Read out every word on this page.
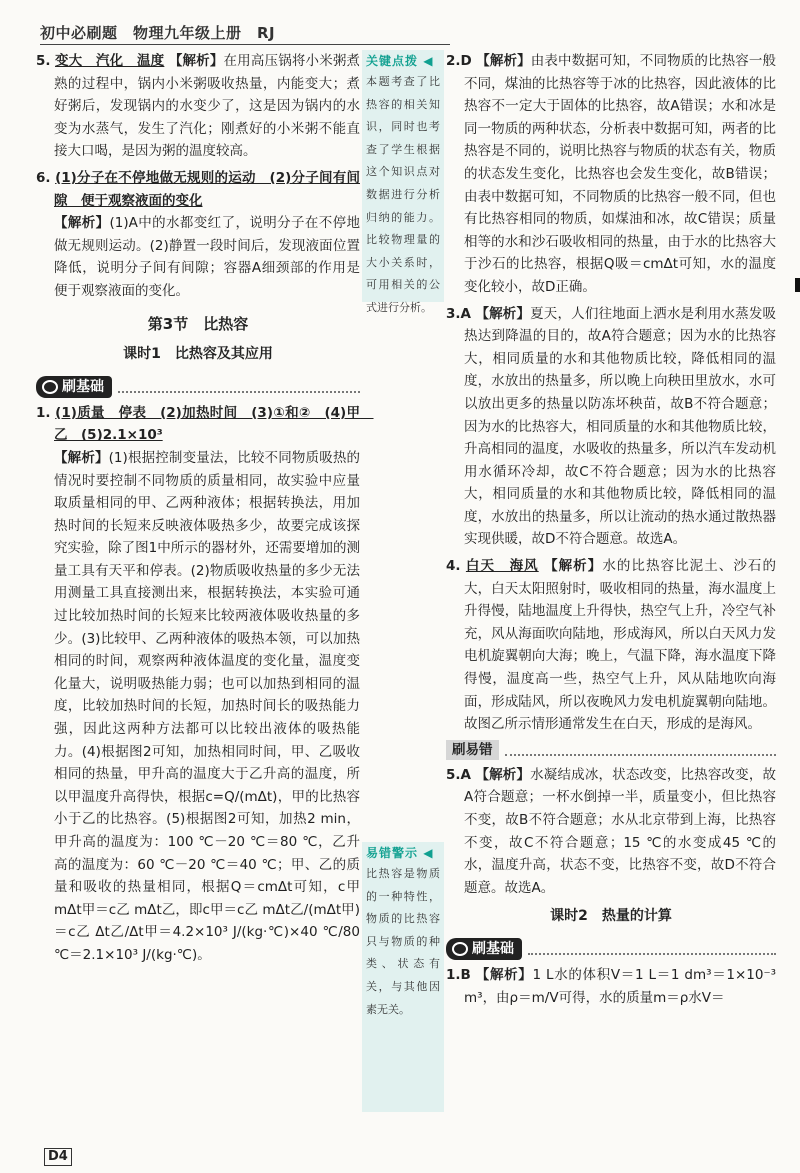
初中必刷题　物理九年级上册　RJ
5. 变大　汽化　温度 【解析】在用高压锅将小米粥煮熟的过程中，锅内小米粥吸收热量，内能变大；煮好粥后，发现锅内的水变少了，这是因为锅内的水变为水蒸气，发生了汽化；刚煮好的小米粥不能直接大口喝，是因为粥的温度较高。
6. (1)分子在不停地做无规则的运动　(2)分子间有间隙　便于观察液面的变化
【解析】(1)A中的水都变红了，说明分子在不停地做无规则运动。(2)静置一段时间后，发现液面位置降低，说明分子间有间隙；容器A细颈部的作用是便于观察液面的变化。
第3节　比热容
课时1　比热容及其应用
刷基础
1. (1)质量　停表　(2)加热时间　(3)①和②　(4)甲　乙　(5)2.1×10³
【解析】(1)根据控制变量法，比较不同物质吸热的情况时要控制不同物质的质量相同，故实验中应量取质量相同的甲、乙两种液体；根据转换法，用加热时间的长短来反映液体吸热多少，故要完成该探究实验，除了图1中所示的器材外，还需要增加的测量工具有天平和停表。(2)物质吸收热量的多少无法用测量工具直接测出来，根据转换法，本实验可通过比较加热时间的长短来比较两液体吸收热量的多少。(3)比较甲、乙两种液体的吸热本领，可以加热相同的时间，观察两种液体温度的变化量，温度变化量大，说明吸热能力弱；也可以加热到相同的温度，比较加热时间的长短，加热时间长的吸热能力强，因此这两种方法都可以比较出液体的吸热能力。(4)根据图2可知，加热相同时间，甲、乙吸收相同的热量，甲升高的温度大于乙升高的温度，所以甲温度升高得快，根据c=Q/(mΔt)，甲的比热容小于乙的比热容。(5)根据图2可知，加热2 min，甲升高的温度为：100 ℃－20 ℃＝80 ℃，乙升高的温度为：60 ℃－20 ℃＝40 ℃；甲、乙的质量和吸收的热量相同，根据Q＝cmΔt可知，c甲 mΔt甲＝c乙 mΔt乙，即c甲＝c乙 mΔt乙/(mΔt甲)＝c乙 Δt乙/Δt甲＝4.2×10³ J/(kg·℃)×40 ℃/80 ℃＝2.1×10³ J/(kg·℃)。
关键点拨 ◀
本题考查了比热容的相关知识，同时也考查了学生根据这个知识点对数据进行分析归纳的能力。比较物理量的大小关系时，可用相关的公式进行分析。
易错警示 ◀
比热容是物质的一种特性，物质的比热容只与物质的种类、状态有关，与其他因素无关。
2.D 【解析】由表中数据可知，不同物质的比热容一般不同，煤油的比热容等于冰的比热容，因此液体的比热容不一定大于固体的比热容，故A错误；水和冰是同一物质的两种状态，分析表中数据可知，两者的比热容是不同的，说明比热容与物质的状态有关，物质的状态发生变化，比热容也会发生变化，故B错误；由表中数据可知，不同物质的比热容一般不同，但也有比热容相同的物质，如煤油和冰，故C错误；质量相等的水和沙石吸收相同的热量，由于水的比热容大于沙石的比热容，根据Q吸＝cmΔt可知，水的温度变化较小，故D正确。
3.A 【解析】夏天，人们往地面上洒水是利用水蒸发吸热达到降温的目的，故A符合题意；因为水的比热容大，相同质量的水和其他物质比较，降低相同的温度，水放出的热量多，所以晚上向秧田里放水，水可以放出更多的热量以防冻坏秧苗，故B不符合题意；因为水的比热容大，相同质量的水和其他物质比较，升高相同的温度，水吸收的热量多，所以汽车发动机用水循环冷却，故C不符合题意；因为水的比热容大，相同质量的水和其他物质比较，降低相同的温度，水放出的热量多，所以让流动的热水通过散热器实现供暖，故D不符合题意。故选A。
4. 白天　海风 【解析】水的比热容比泥土、沙石的大，白天太阳照射时，吸收相同的热量，海水温度上升得慢，陆地温度上升得快，热空气上升，冷空气补充，风从海面吹向陆地，形成海风，所以白天风力发电机旋翼朝向大海；晚上，气温下降，海水温度下降得慢，温度高一些，热空气上升，风从陆地吹向海面，形成陆风，所以夜晚风力发电机旋翼朝向陆地。故图乙所示情形通常发生在白天，形成的是海风。
刷易错
5.A 【解析】水凝结成冰，状态改变，比热容改变，故A符合题意；一杯水倒掉一半，质量变小，但比热容不变，故B不符合题意；水从北京带到上海，比热容不变，故C不符合题意；15 ℃的水变成45 ℃的水，温度升高，状态不变，比热容不变，故D不符合题意。故选A。
课时2　热量的计算
刷基础
1.B 【解析】1 L水的体积V＝1 L＝1 dm³＝1×10⁻³ m³，由ρ＝m/V可得，水的质量m＝ρ水V＝
D4
